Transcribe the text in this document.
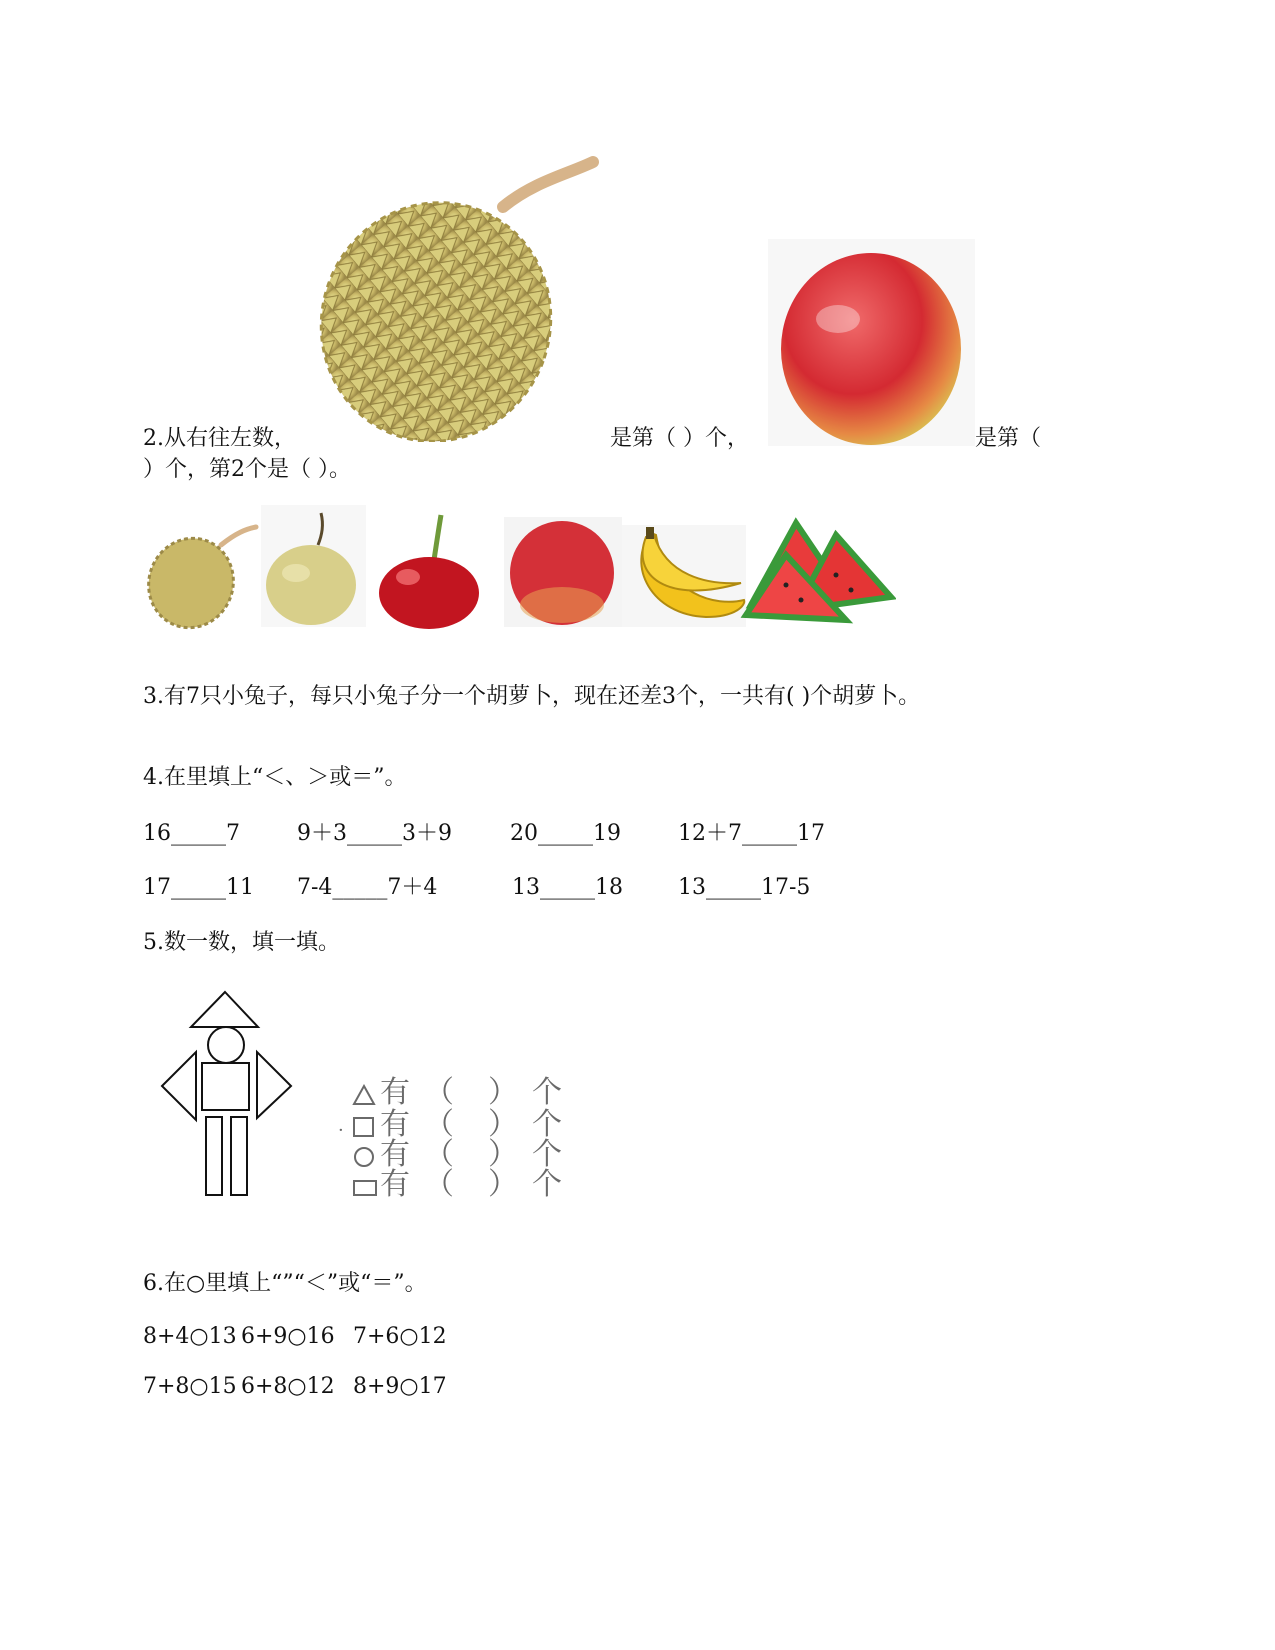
2.从右往左数，	是第（ ）个，	是第（
）个，第2个是（ ）。
3.有7只小兔子，每只小兔子分一个胡萝卜，现在还差3个，一共有( )个胡萝卜。
4.在里填上“＜、＞或＝”。
16_____7	9＋3_____3＋9	20_____19	12＋7_____17
17_____11 7-4_____7＋4	13_____18	13_____17-5
5.数一数，填一填。
·
有 （ ） 个
有 （ ） 个
有 （ ） 个
有 （ ） 个
6.在○里填上“”“＜”或“＝”。
8+4○13 6+9○16 7+6○12
7+8○15 6+8○12 8+9○17
